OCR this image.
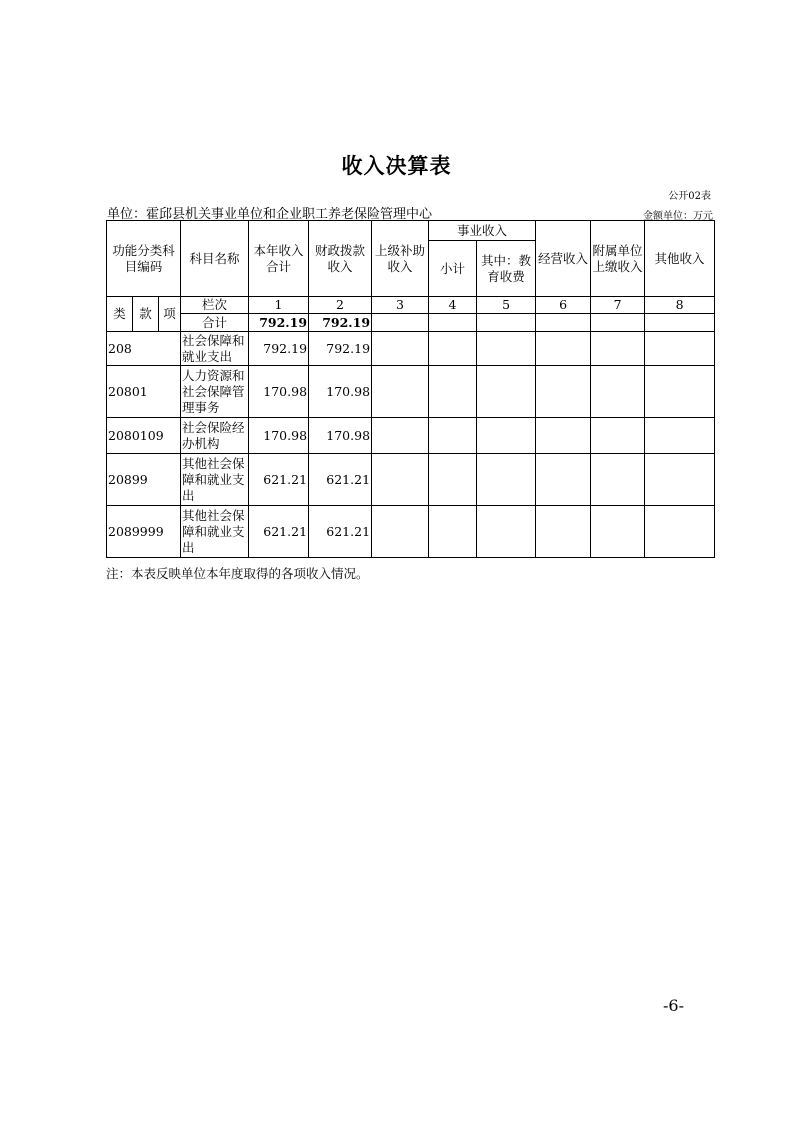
收入决算表
公开02表
单位：霍邱县机关事业单位和企业职工养老保险管理中心	金额单位：万元
功能分类科目编码			科目名称	本年收入合计	财政拨款收入	上级补助收入	事业收入		经营收入	附属单位上缴收入	其他收入
							小计	其中：教育收费			
类	款	项	栏次	1	2	3	4	5	6	7	8
			合计	792.19	792.19						
208			社会保障和就业支出	792.19	792.19						
20801			人力资源和社会保障管理事务	170.98	170.98						
2080109			社会保险经办机构	170.98	170.98						
20899			其他社会保障和就业支出	621.21	621.21						
2089999			其他社会保障和就业支出	621.21	621.21						
注：本表反映单位本年度取得的各项收入情况。
-6-
